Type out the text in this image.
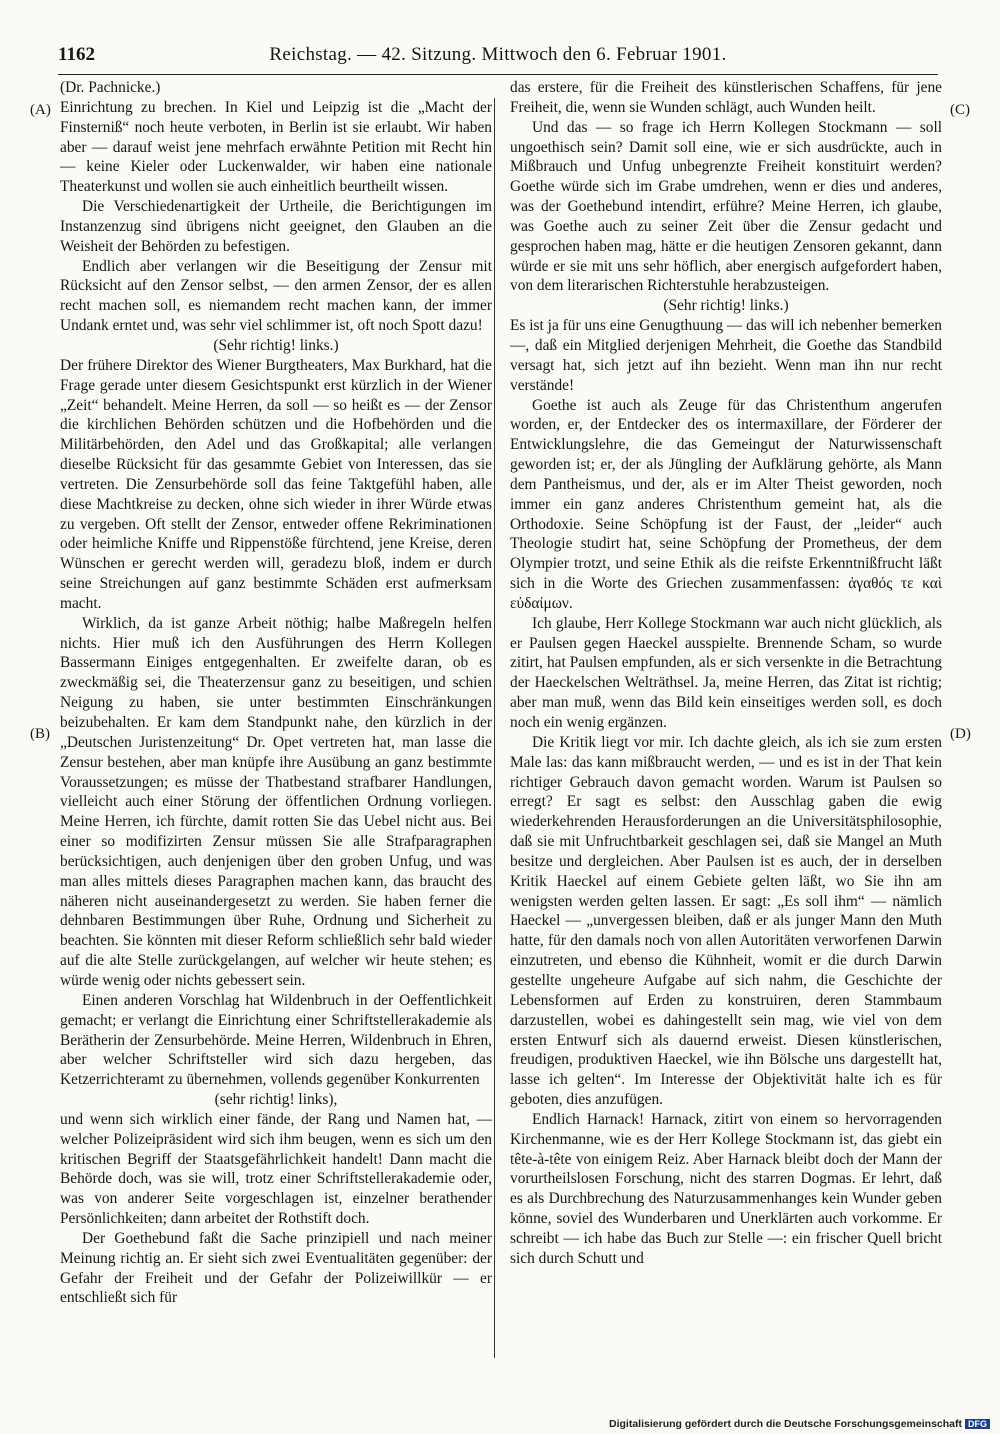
1162	Reichstag. — 42. Sitzung. Mittwoch den 6. Februar 1901.
(A)
(B)
(C)
(D)

(Dr. Pachnicke.)

Einrichtung zu brechen. In Kiel und Leipzig ist die „Macht der Finsterniß“ noch heute verboten, in Berlin ist sie erlaubt. Wir haben aber — darauf weist jene mehrfach erwähnte Petition mit Recht hin — keine Kieler oder Luckenwalder, wir haben eine nationale Theaterkunst und wollen sie auch einheitlich beurtheilt wissen.

Die Verschiedenartigkeit der Urtheile, die Berichtigungen im Instanzenzug sind übrigens nicht geeignet, den Glauben an die Weisheit der Behörden zu befestigen.

Endlich aber verlangen wir die Beseitigung der Zensur mit Rücksicht auf den Zensor selbst, — den armen Zensor, der es allen recht machen soll, es niemandem recht machen kann, der immer Undank erntet und, was sehr viel schlimmer ist, oft noch Spott dazu!

(Sehr richtig! links.)

Der frühere Direktor des Wiener Burgtheaters, Max Burkhard, hat die Frage gerade unter diesem Gesichtspunkt erst kürzlich in der Wiener „Zeit“ behandelt. Meine Herren, da soll — so heißt es — der Zensor die kirchlichen Behörden schützen und die Hofbehörden und die Militärbehörden, den Adel und das Großkapital; alle verlangen dieselbe Rücksicht für das gesammte Gebiet von Interessen, das sie vertreten. Die Zensurbehörde soll das feine Taktgefühl haben, alle diese Machtkreise zu decken, ohne sich wieder in ihrer Würde etwas zu vergeben. Oft stellt der Zensor, entweder offene Rekriminationen oder heimliche Kniffe und Rippenstöße fürchtend, jene Kreise, deren Wünschen er gerecht werden will, geradezu bloß, indem er durch seine Streichungen auf ganz bestimmte Schäden erst aufmerksam macht.

Wirklich, da ist ganze Arbeit nöthig; halbe Maßregeln helfen nichts. Hier muß ich den Ausführungen des Herrn Kollegen Bassermann Einiges entgegenhalten. Er zweifelte daran, ob es zweckmäßig sei, die Theaterzensur ganz zu beseitigen, und schien Neigung zu haben, sie unter bestimmten Einschränkungen beizubehalten. Er kam dem Standpunkt nahe, den kürzlich in der „Deutschen Juristenzeitung“ Dr. Opet vertreten hat, man lasse die Zensur bestehen, aber man knüpfe ihre Ausübung an ganz bestimmte Voraussetzungen; es müsse der Thatbestand strafbarer Handlungen, vielleicht auch einer Störung der öffentlichen Ordnung vorliegen. Meine Herren, ich fürchte, damit rotten Sie das Uebel nicht aus. Bei einer so modifizirten Zensur müssen Sie alle Strafparagraphen berücksichtigen, auch denjenigen über den groben Unfug, und was man alles mittels dieses Paragraphen machen kann, das braucht des näheren nicht auseinandergesetzt zu werden. Sie haben ferner die dehnbaren Bestimmungen über Ruhe, Ordnung und Sicherheit zu beachten. Sie könnten mit dieser Reform schließlich sehr bald wieder auf die alte Stelle zurückgelangen, auf welcher wir heute stehen; es würde wenig oder nichts gebessert sein.

Einen anderen Vorschlag hat Wildenbruch in der Oeffentlichkeit gemacht; er verlangt die Einrichtung einer Schriftstellerakademie als Berätherin der Zensurbehörde. Meine Herren, Wildenbruch in Ehren, aber welcher Schriftsteller wird sich dazu hergeben, das Ketzerrichteramt zu übernehmen, vollends gegenüber Konkurrenten

(sehr richtig! links),

und wenn sich wirklich einer fände, der Rang und Namen hat, — welcher Polizeipräsident wird sich ihm beugen, wenn es sich um den kritischen Begriff der Staatsgefährlichkeit handelt! Dann macht die Behörde doch, was sie will, trotz einer Schriftstellerakademie oder, was von anderer Seite vorgeschlagen ist, einzelner berathender Persönlichkeiten; dann arbeitet der Rothstift doch.

Der Goethebund faßt die Sache prinzipiell und nach meiner Meinung richtig an. Er sieht sich zwei Eventualitäten gegenüber: der Gefahr der Freiheit und der Gefahr der Polizeiwillkür — er entschließt sich für

das erstere, für die Freiheit des künstlerischen Schaffens, für jene Freiheit, die, wenn sie Wunden schlägt, auch Wunden heilt.

Und das — so frage ich Herrn Kollegen Stockmann — soll ungoethisch sein? Damit soll eine, wie er sich ausdrückte, auch in Mißbrauch und Unfug unbegrenzte Freiheit konstituirt werden? Goethe würde sich im Grabe umdrehen, wenn er dies und anderes, was der Goethebund intendirt, erführe? Meine Herren, ich glaube, was Goethe auch zu seiner Zeit über die Zensur gedacht und gesprochen haben mag, hätte er die heutigen Zensoren gekannt, dann würde er sie mit uns sehr höflich, aber energisch aufgefordert haben, von dem literarischen Richterstuhle herabzusteigen.

(Sehr richtig! links.)

Es ist ja für uns eine Genugthuung — das will ich nebenher bemerken —, daß ein Mitglied derjenigen Mehrheit, die Goethe das Standbild versagt hat, sich jetzt auf ihn bezieht. Wenn man ihn nur recht verstände!

Goethe ist auch als Zeuge für das Christenthum angerufen worden, er, der Entdecker des os intermaxillare, der Förderer der Entwicklungslehre, die das Gemeingut der Naturwissenschaft geworden ist; er, der als Jüngling der Aufklärung gehörte, als Mann dem Pantheismus, und der, als er im Alter Theist geworden, noch immer ein ganz anderes Christenthum gemeint hat, als die Orthodoxie. Seine Schöpfung ist der Faust, der „leider“ auch Theologie studirt hat, seine Schöpfung der Prometheus, der dem Olympier trotzt, und seine Ethik als die reifste Erkenntnißfrucht läßt sich in die Worte des Griechen zusammenfassen: ἀγαθός τε καὶ εὐδαίμων.

Ich glaube, Herr Kollege Stockmann war auch nicht glücklich, als er Paulsen gegen Haeckel ausspielte. Brennende Scham, so wurde zitirt, hat Paulsen empfunden, als er sich versenkte in die Betrachtung der Haeckelschen Welträthsel. Ja, meine Herren, das Zitat ist richtig; aber man muß, wenn das Bild kein einseitiges werden soll, es doch noch ein wenig ergänzen.

Die Kritik liegt vor mir. Ich dachte gleich, als ich sie zum ersten Male las: das kann mißbraucht werden, — und es ist in der That kein richtiger Gebrauch davon gemacht worden. Warum ist Paulsen so erregt? Er sagt es selbst: den Ausschlag gaben die ewig wiederkehrenden Herausforderungen an die Universitätsphilosophie, daß sie mit Unfruchtbarkeit geschlagen sei, daß sie Mangel an Muth besitze und dergleichen. Aber Paulsen ist es auch, der in derselben Kritik Haeckel auf einem Gebiete gelten läßt, wo Sie ihn am wenigsten werden gelten lassen. Er sagt: „Es soll ihm“ — nämlich Haeckel — „unvergessen bleiben, daß er als junger Mann den Muth hatte, für den damals noch von allen Autoritäten verworfenen Darwin einzutreten, und ebenso die Kühnheit, womit er die durch Darwin gestellte ungeheure Aufgabe auf sich nahm, die Geschichte der Lebensformen auf Erden zu konstruiren, deren Stammbaum darzustellen, wobei es dahingestellt sein mag, wie viel von dem ersten Entwurf sich als dauernd erweist. Diesen künstlerischen, freudigen, produktiven Haeckel, wie ihn Bölsche uns dargestellt hat, lasse ich gelten“. Im Interesse der Objektivität halte ich es für geboten, dies anzufügen.

Endlich Harnack! Harnack, zitirt von einem so hervorragenden Kirchenmanne, wie es der Herr Kollege Stockmann ist, das giebt ein tête-à-tête von einigem Reiz. Aber Harnack bleibt doch der Mann der vorurtheilslosen Forschung, nicht des starren Dogmas. Er lehrt, daß es als Durchbrechung des Naturzusammenhanges kein Wunder geben könne, soviel des Wunderbaren und Unerklärten auch vorkomme. Er schreibt — ich habe das Buch zur Stelle —: ein frischer Quell bricht sich durch Schutt und

Digitalisierung gefördert durch die Deutsche Forschungsgemeinschaft DFG
